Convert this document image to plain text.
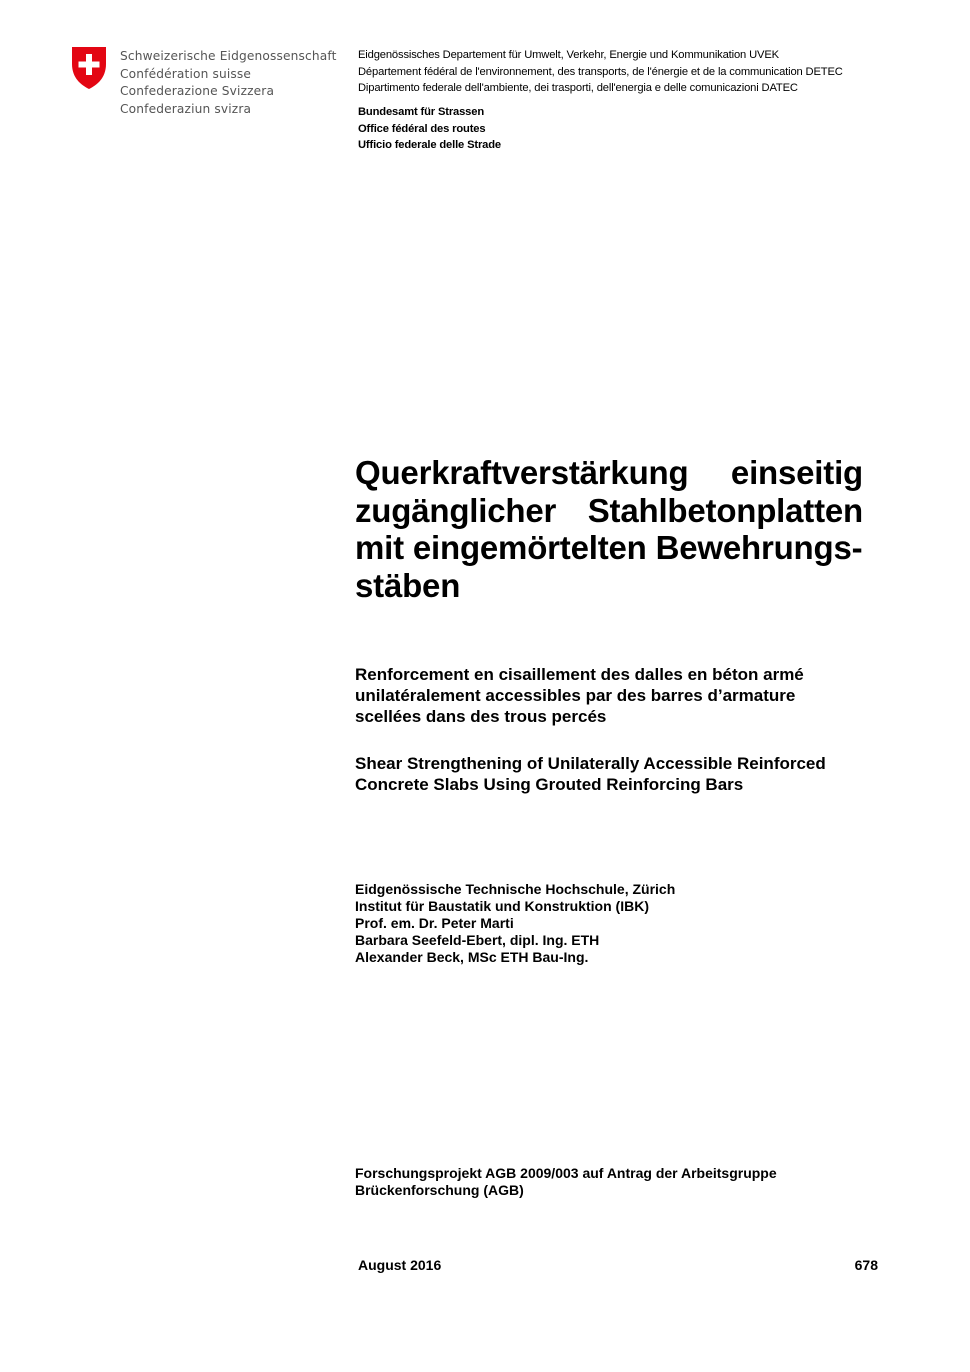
Schweizerische Eidgenossenschaft
Confédération suisse
Confederazione Svizzera
Confederaziun svizra
Eidgenössisches Departement für Umwelt, Verkehr, Energie und Kommunikation UVEK
Département fédéral de l'environnement, des transports, de l'énergie et de la communication DETEC
Dipartimento federale dell'ambiente, dei trasporti, dell'energia e delle comunicazioni DATEC
Bundesamt für Strassen
Office fédéral des routes
Ufficio federale delle Strade
Querkraftverstärkung einseitig
zugänglicher Stahlbetonplatten
mit eingemörtelten Bewehrungs-
stäben
Renforcement en cisaillement des dalles en béton armé
unilatéralement accessibles par des barres d’armature
scellées dans des trous percés
Shear Strengthening of Unilaterally Accessible Reinforced
Concrete Slabs Using Grouted Reinforcing Bars
Eidgenössische Technische Hochschule, Zürich
Institut für Baustatik und Konstruktion (IBK)
Prof. em. Dr. Peter Marti
Barbara Seefeld-Ebert, dipl. Ing. ETH
Alexander Beck, MSc ETH Bau-Ing.
Forschungsprojekt AGB 2009/003 auf Antrag der Arbeitsgruppe
Brückenforschung (AGB)
August 2016	678
